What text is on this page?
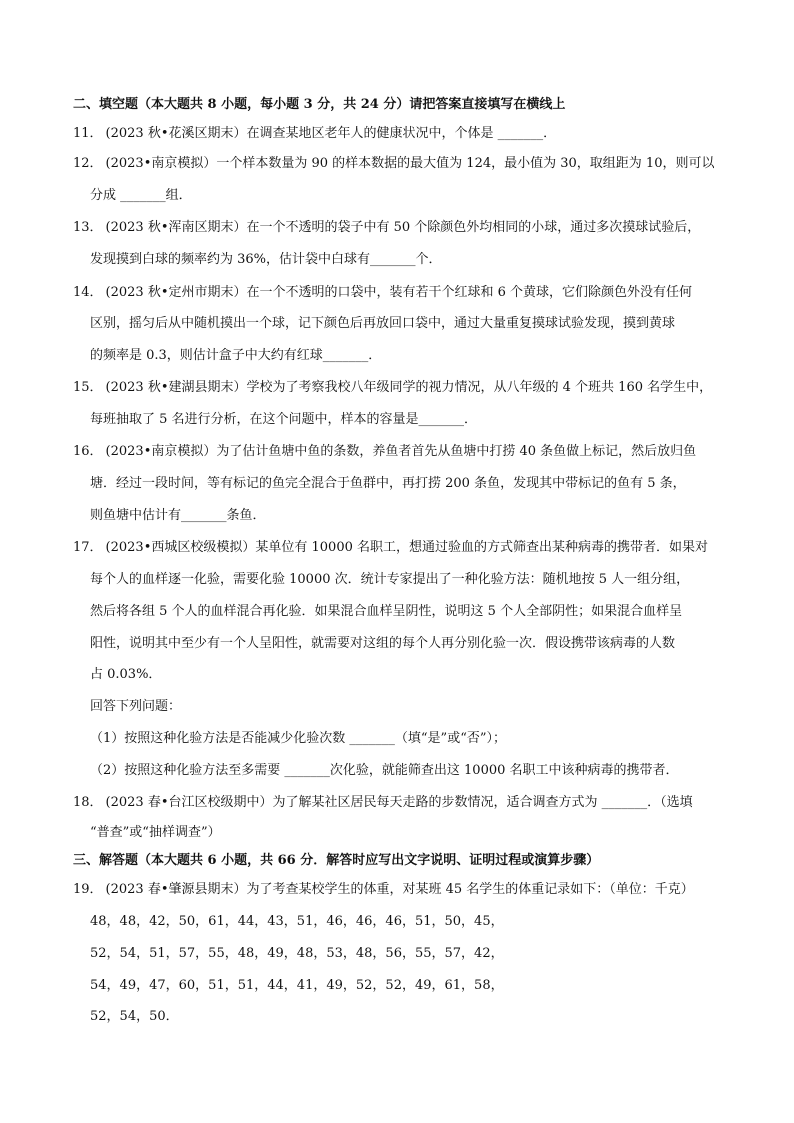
二、填空题（本大题共 8 小题，每小题 3 分，共 24 分）请把答案直接填写在横线上
11． (2023 秋•花溪区期末）在调查某地区老年人的健康状况中，个体是 _______．
12． (2023•南京模拟）一个样本数量为 90 的样本数据的最大值为 124，最小值为 30，取组距为 10，则可以
分成 _______组．
13． (2023 秋•浑南区期末）在一个不透明的袋子中有 50 个除颜色外均相同的小球，通过多次摸球试验后，
发现摸到白球的频率约为 36%，估计袋中白球有_______个．
14． (2023 秋•定州市期末）在一个不透明的口袋中，装有若干个红球和 6 个黄球，它们除颜色外没有任何
区别，摇匀后从中随机摸出一个球，记下颜色后再放回口袋中，通过大量重复摸球试验发现，摸到黄球
的频率是 0.3，则估计盒子中大约有红球_______．
15． (2023 秋•建湖县期末）学校为了考察我校八年级同学的视力情况，从八年级的 4 个班共 160 名学生中，
每班抽取了 5 名进行分析，在这个问题中，样本的容量是_______．
16． (2023•南京模拟）为了估计鱼塘中鱼的条数，养鱼者首先从鱼塘中打捞 40 条鱼做上标记，然后放归鱼
塘．经过一段时间，等有标记的鱼完全混合于鱼群中，再打捞 200 条鱼，发现其中带标记的鱼有 5 条，
则鱼塘中估计有_______条鱼．
17． (2023•西城区校级模拟）某单位有 10000 名职工，想通过验血的方式筛查出某种病毒的携带者．如果对
每个人的血样逐一化验，需要化验 10000 次．统计专家提出了一种化验方法：随机地按 5 人一组分组，
然后将各组 5 个人的血样混合再化验．如果混合血样呈阴性，说明这 5 个人全部阴性；如果混合血样呈
阳性，说明其中至少有一个人呈阳性，就需要对这组的每个人再分别化验一次．假设携带该病毒的人数
占 0.03%．
回答下列问题：
（1）按照这种化验方法是否能减少化验次数 _______（填“是”或“否”）；
（2）按照这种化验方法至多需要 _______次化验，就能筛查出这 10000 名职工中该种病毒的携带者．
18． (2023 春•台江区校级期中）为了解某社区居民每天走路的步数情况，适合调查方式为 _______．（选填
“普查”或“抽样调查”）
三、解答题（本大题共 6 小题，共 66 分．解答时应写出文字说明、证明过程或演算步骤）
19． (2023 春•肇源县期末）为了考查某校学生的体重，对某班 45 名学生的体重记录如下：（单位：千克）
48，48，42，50，61，44，43，51，46，46，46，51，50，45，
52，54，51，57，55，48，49，48，53，48，56，55，57，42，
54，49，47，60，51，51，44，41，49，52，52，49，61，58，
52，54，50．
